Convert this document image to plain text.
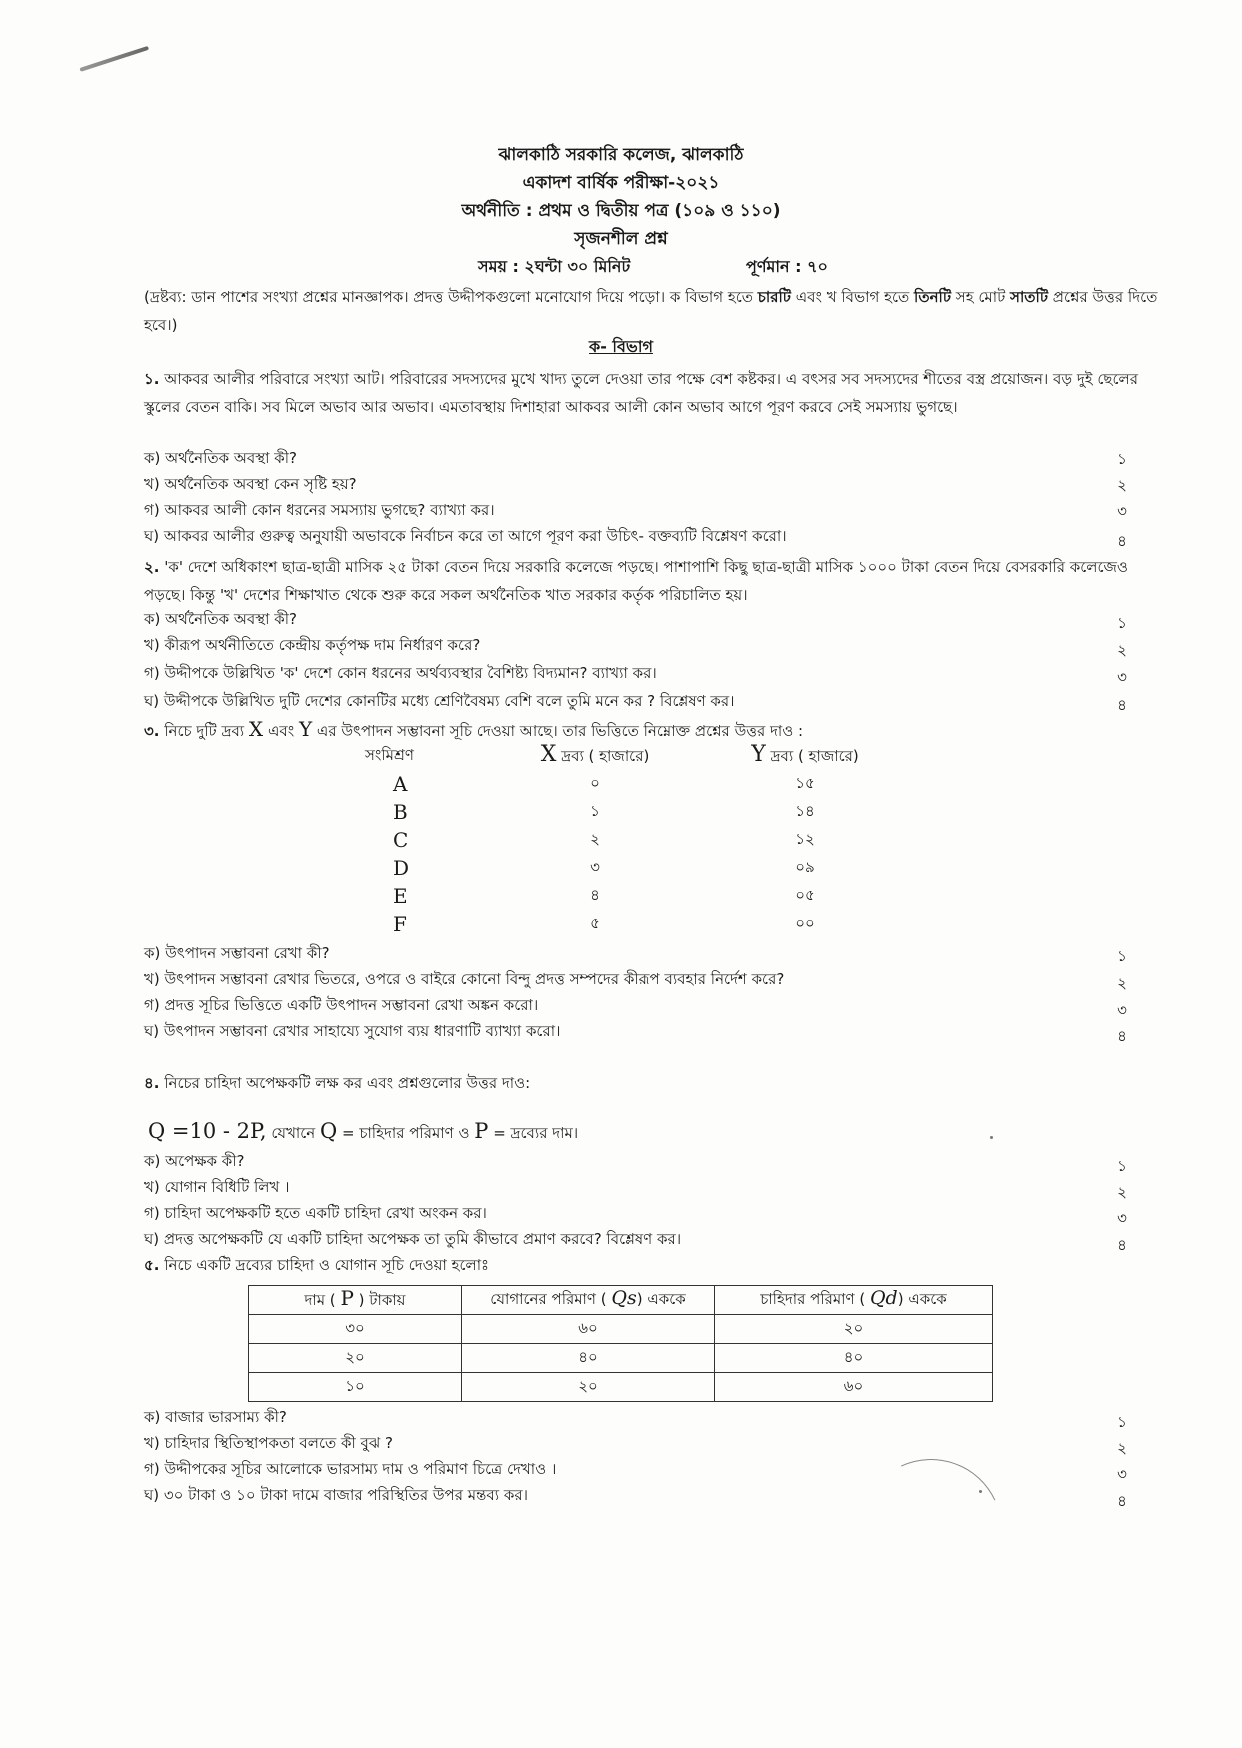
ঝালকাঠি সরকারি কলেজ, ঝালকাঠি
একাদশ বার্ষিক পরীক্ষা-২০২১
অর্থনীতি : প্রথম ও দ্বিতীয় পত্র (১০৯ ও ১১০)
সৃজনশীল প্রশ্ন
সময় : ২ঘন্টা ৩০ মিনিট	পূর্ণমান : ৭০
(দ্রষ্টব্য: ডান পাশের সংখ্যা প্রশ্নের মানজ্ঞাপক। প্রদত্ত উদ্দীপকগুলো মনোযোগ দিয়ে পড়ো। ক বিভাগ হতে চারটি এবং খ বিভাগ হতে তিনটি সহ মোট সাতটি প্রশ্নের উত্তর দিতে হবে।)
ক- বিভাগ
১. আকবর আলীর পরিবারে সংখ্যা আট। পরিবারের সদস্যদের মুখে খাদ্য তুলে দেওয়া তার পক্ষে বেশ কষ্টকর। এ বৎসর সব সদস্যদের শীতের বস্ত্র প্রয়োজন। বড় দুই ছেলের স্কুলের বেতন বাকি। সব মিলে অভাব আর অভাব। এমতাবস্থায় দিশাহারা আকবর আলী কোন অভাব আগে পূরণ করবে সেই সমস্যায় ভুগছে।
ক) অর্থনৈতিক অবস্থা কী?	১
খ) অর্থনৈতিক অবস্থা কেন সৃষ্টি হয়?	২
গ) আকবর আলী কোন ধরনের সমস্যায় ভুগছে? ব্যাখ্যা কর।	৩
ঘ) আকবর আলীর গুরুত্ব অনুযায়ী অভাবকে নির্বাচন করে তা আগে পূরণ করা উচিৎ- বক্তব্যটি বিশ্লেষণ করো।	৪
২. 'ক' দেশে অধিকাংশ ছাত্র-ছাত্রী মাসিক ২৫ টাকা বেতন দিয়ে সরকারি কলেজে পড়ছে। পাশাপাশি কিছু ছাত্র-ছাত্রী মাসিক ১০০০ টাকা বেতন দিয়ে বেসরকারি কলেজেও পড়ছে। কিন্তু 'খ' দেশের শিক্ষাখাত থেকে শুরু করে সকল অর্থনৈতিক খাত সরকার কর্তৃক পরিচালিত হয়।
ক) অর্থনৈতিক অবস্থা কী?	১
খ) কীরূপ অর্থনীতিতে কেন্দ্রীয় কর্তৃপক্ষ দাম নির্ধারণ করে?	২
গ) উদ্দীপকে উল্লিখিত 'ক' দেশে কোন ধরনের অর্থব্যবস্থার বৈশিষ্ট্য বিদ্যমান? ব্যাখ্যা কর।	৩
ঘ) উদ্দীপকে উল্লিখিত দুটি দেশের কোনটির মধ্যে শ্রেণিবৈষম্য বেশি বলে তুমি মনে কর ? বিশ্লেষণ কর।	৪
৩. নিচে দুটি দ্রব্য X এবং Y এর উৎপাদন সম্ভাবনা সূচি দেওয়া আছে। তার ভিত্তিতে নিম্নোক্ত প্রশ্নের উত্তর দাও :
সংমিশ্রণ	X দ্রব্য ( হাজারে)	Y দ্রব্য ( হাজারে)
A	০	১৫
B	১	১৪
C	২	১২
D	৩	০৯
E	৪	০৫
F	৫	০০
ক) উৎপাদন সম্ভাবনা রেখা কী?	১
খ) উৎপাদন সম্ভাবনা রেখার ভিতরে, ওপরে ও বাইরে কোনো বিন্দু প্রদত্ত সম্পদের কীরূপ ব্যবহার নির্দেশ করে?	২
গ) প্রদত্ত সূচির ভিত্তিতে একটি উৎপাদন সম্ভাবনা রেখা অঙ্কন করো।	৩
ঘ) উৎপাদন সম্ভাবনা রেখার সাহায্যে সুযোগ ব্যয় ধারণাটি ব্যাখ্যা করো।	৪
৪. নিচের চাহিদা অপেক্ষকটি লক্ষ কর এবং প্রশ্নগুলোর উত্তর দাও:
Q =10 - 2P, যেখানে Q = চাহিদার পরিমাণ ও P = দ্রব্যের দাম।
ক) অপেক্ষক কী?	১
খ) যোগান বিধিটি লিখ ।	২
গ) চাহিদা অপেক্ষকটি হতে একটি চাহিদা রেখা অংকন কর।	৩
ঘ) প্রদত্ত অপেক্ষকটি যে একটি চাহিদা অপেক্ষক তা তুমি কীভাবে প্রমাণ করবে? বিশ্লেষণ কর।	৪
৫. নিচে একটি দ্রব্যের চাহিদা ও যোগান সূচি দেওয়া হলোঃ
দাম ( P ) টাকায়	যোগানের পরিমাণ ( Qs) এককে	চাহিদার পরিমাণ ( Qd) এককে
৩০	৬০	২০
২০	৪০	৪০
১০	২০	৬০
ক) বাজার ভারসাম্য কী?	১
খ) চাহিদার স্থিতিস্থাপকতা বলতে কী বুঝ ?	২
গ) উদ্দীপকের সূচির আলোকে ভারসাম্য দাম ও পরিমাণ চিত্রে দেখাও ।	৩
ঘ) ৩০ টাকা ও ১০ টাকা দামে বাজার পরিস্থিতির উপর মন্তব্য কর।	৪
